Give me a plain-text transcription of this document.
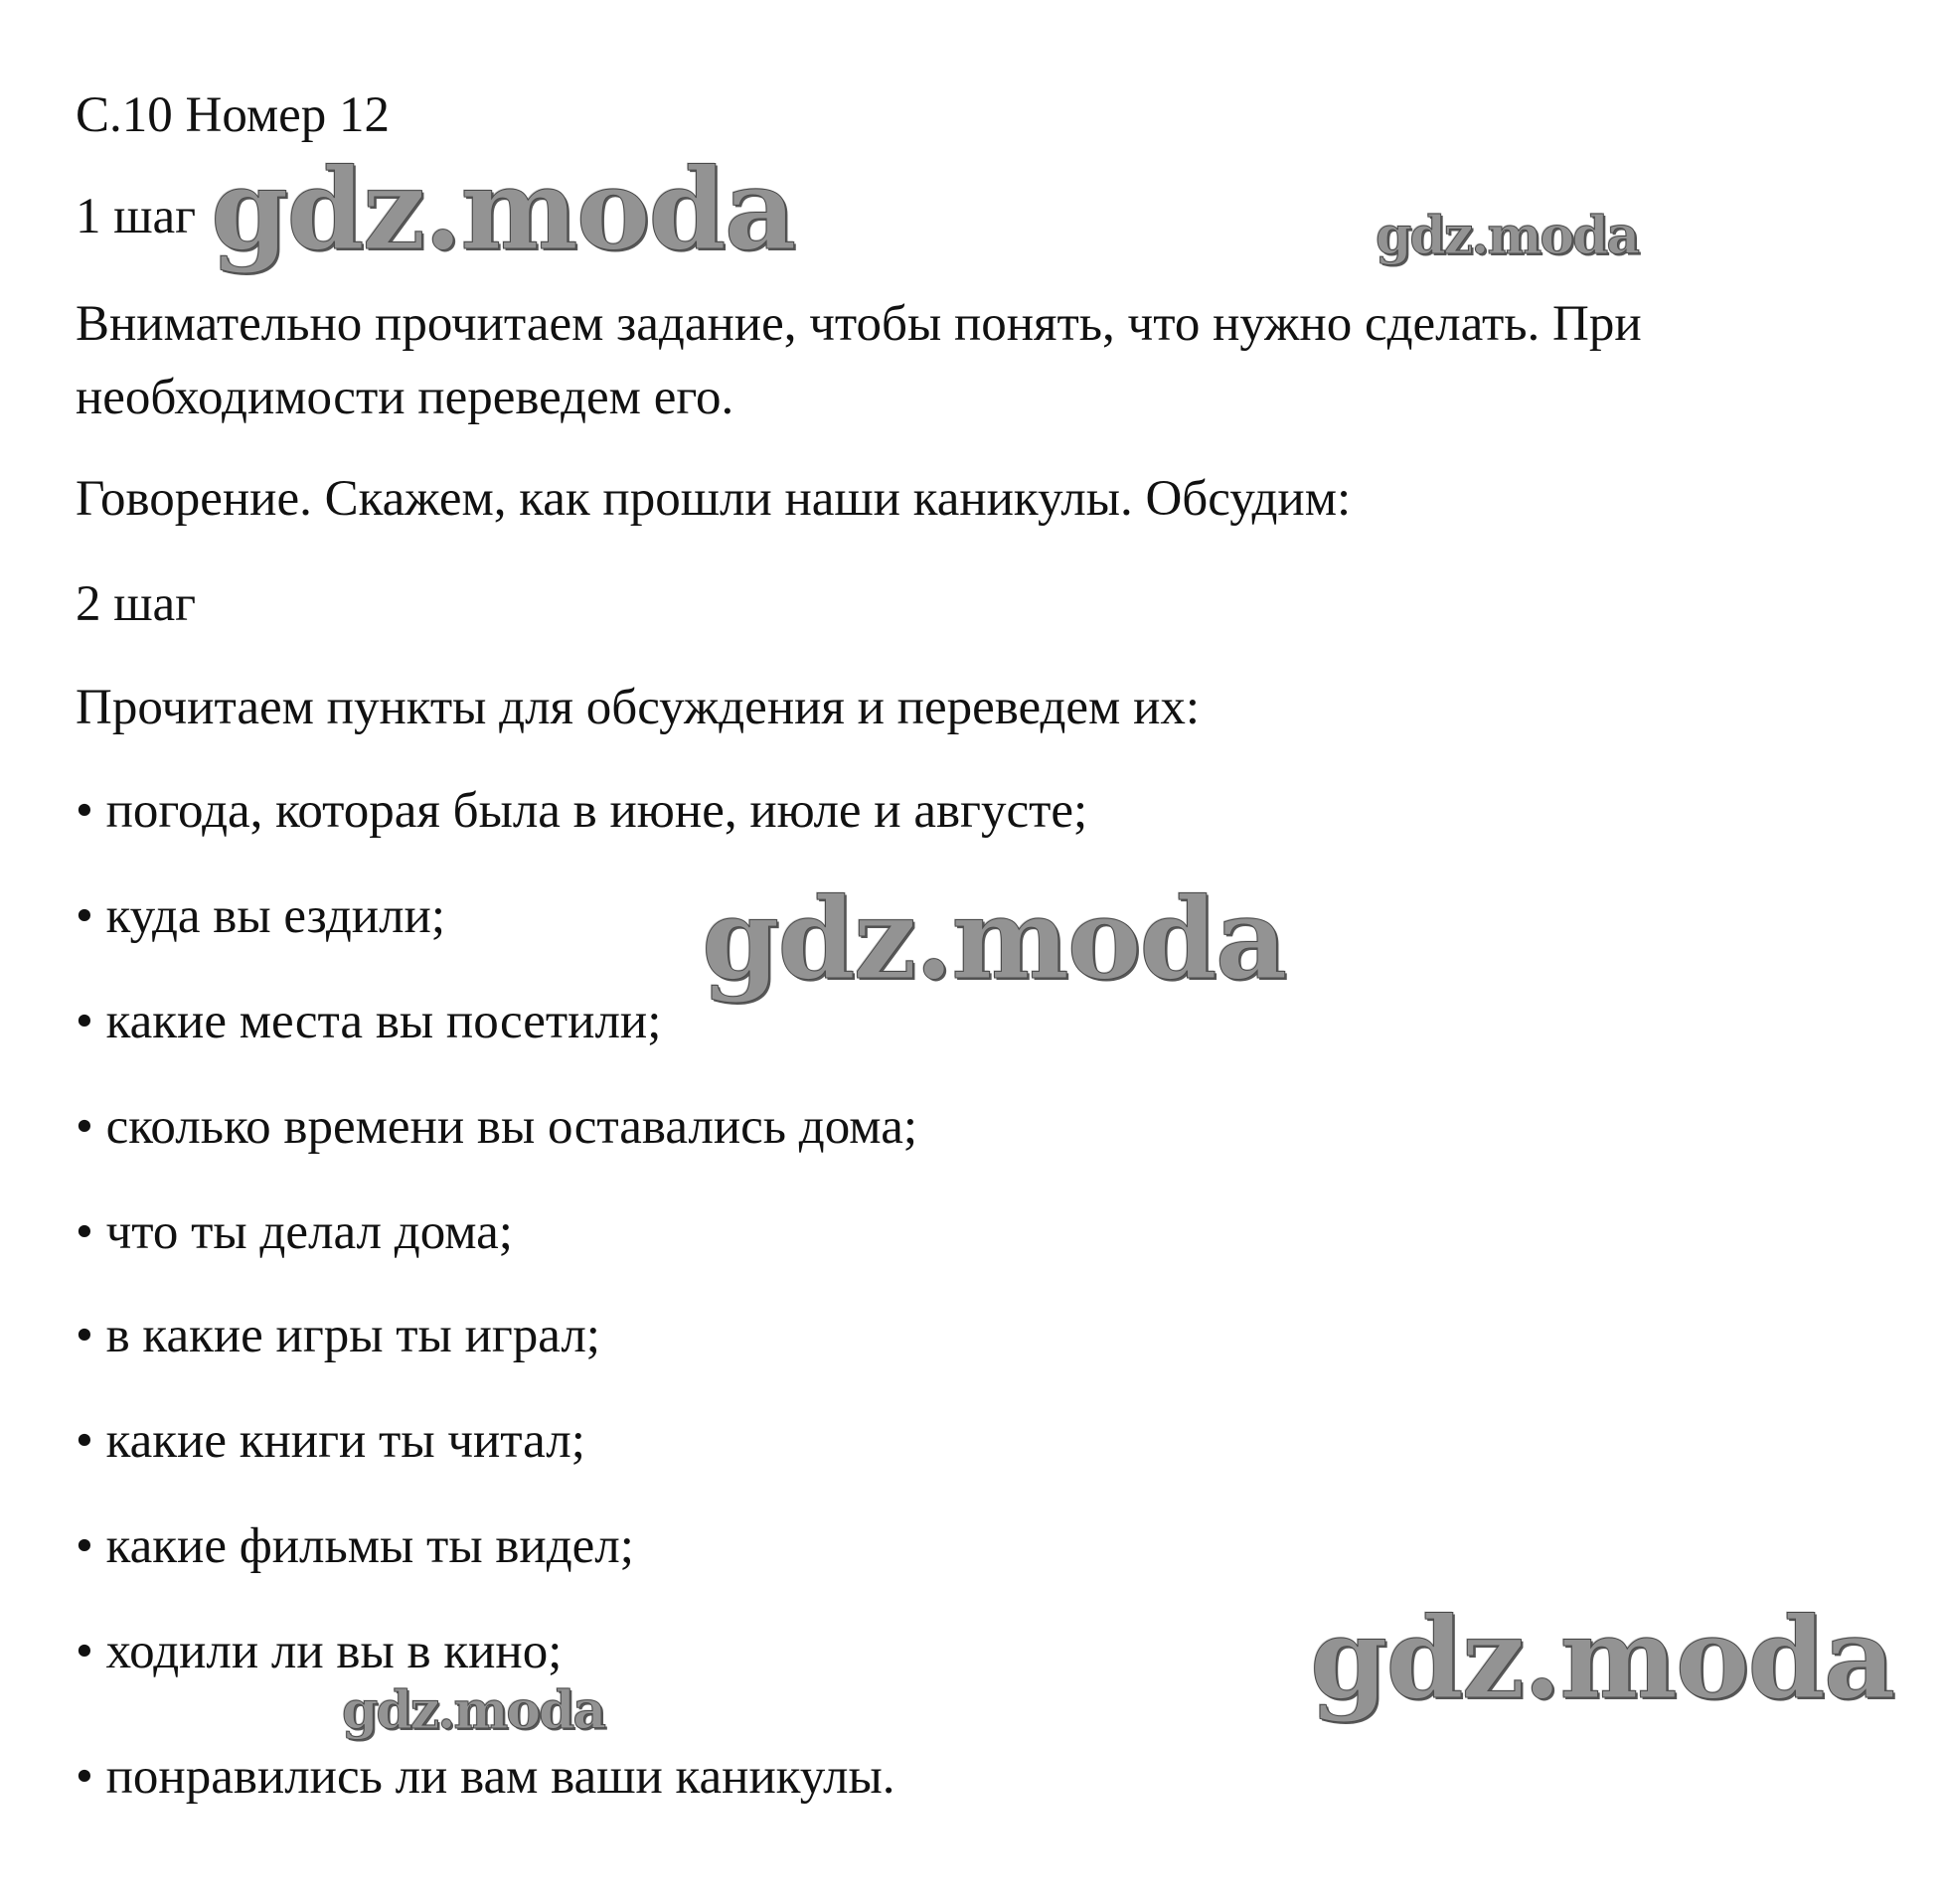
С.10 Номер 12

1 шаг

Внимательно прочитаем задание, чтобы понять, что нужно сделать. При

необходимости переведем его.

Говорение. Скажем, как прошли наши каникулы. Обсудим:

2 шаг

Прочитаем пункты для обсуждения и переведем их:

• погода, которая была в июне, июле и августе;

• куда вы ездили;

• какие места вы посетили;

• сколько времени вы оставались дома;

• что ты делал дома;

• в какие игры ты играл;

• какие книги ты читал;

• какие фильмы ты видел;

• ходили ли вы в кино;

• понравились ли вам ваши каникулы.

gdz.moda	gdz.moda
gdz.moda
gdz.moda
gdz.moda
